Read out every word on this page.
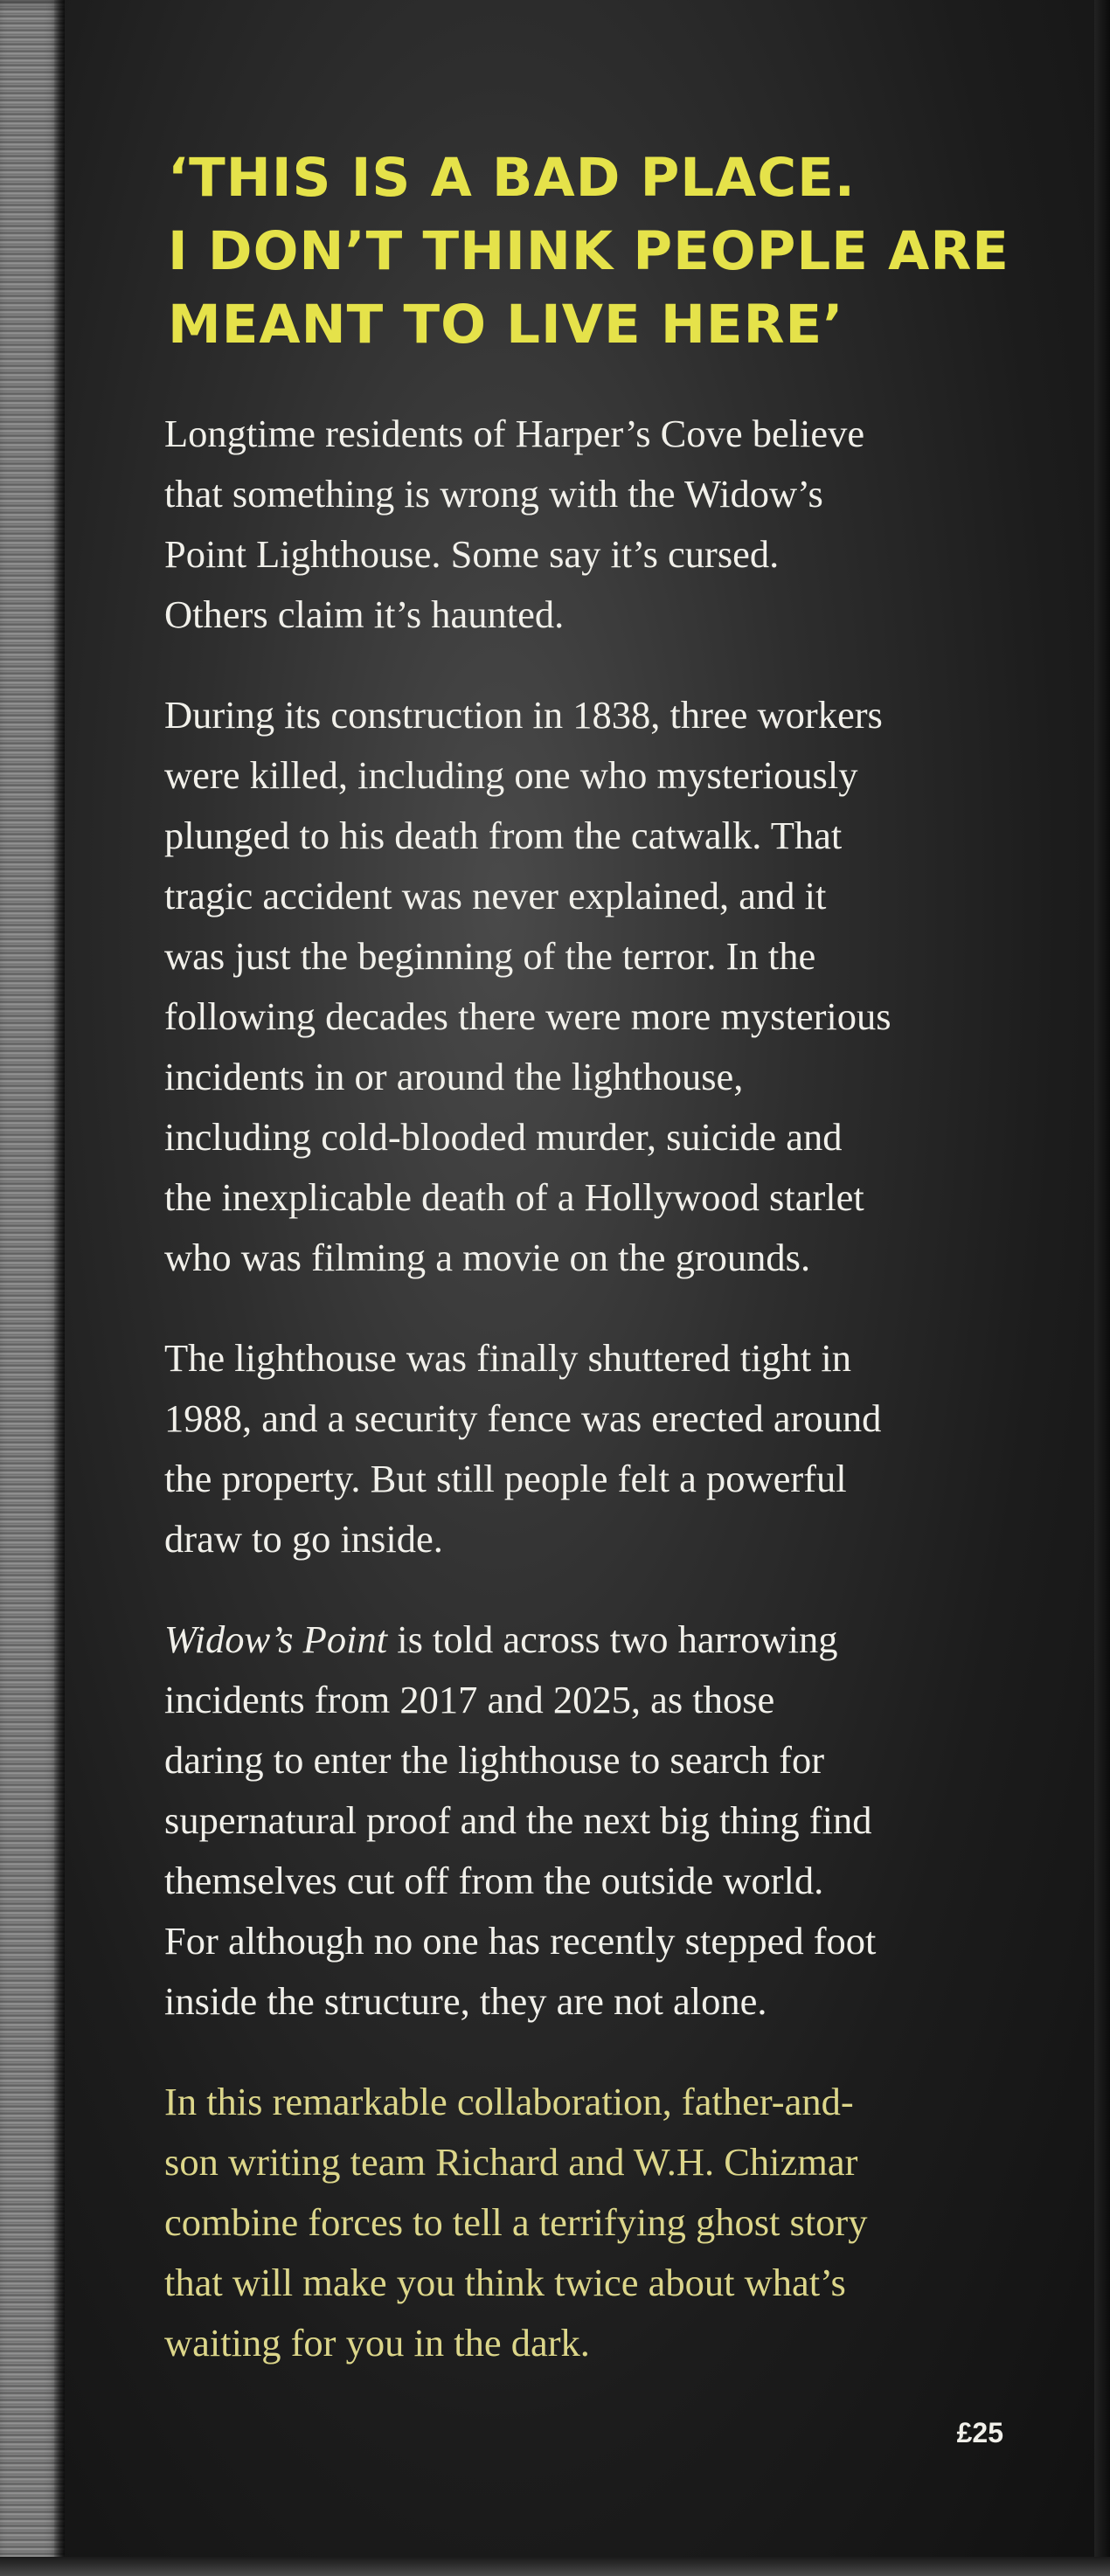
‘THIS IS A BAD PLACE.
I DON’T THINK PEOPLE ARE
MEANT TO LIVE HERE’

Longtime residents of Harper’s Cove believe
that something is wrong with the Widow’s
Point Lighthouse. Some say it’s cursed.
Others claim it’s haunted.

During its construction in 1838, three workers
were killed, including one who mysteriously
plunged to his death from the catwalk. That
tragic accident was never explained, and it
was just the beginning of the terror. In the
following decades there were more mysterious
incidents in or around the lighthouse,
including cold-blooded murder, suicide and
the inexplicable death of a Hollywood starlet
who was filming a movie on the grounds.

The lighthouse was finally shuttered tight in
1988, and a security fence was erected around
the property. But still people felt a powerful
draw to go inside.

Widow’s Point is told across two harrowing
incidents from 2017 and 2025, as those
daring to enter the lighthouse to search for
supernatural proof and the next big thing find
themselves cut off from the outside world.
For although no one has recently stepped foot
inside the structure, they are not alone.

In this remarkable collaboration, father-and-
son writing team Richard and W.H. Chizmar
combine forces to tell a terrifying ghost story
that will make you think twice about what’s
waiting for you in the dark.

£25
